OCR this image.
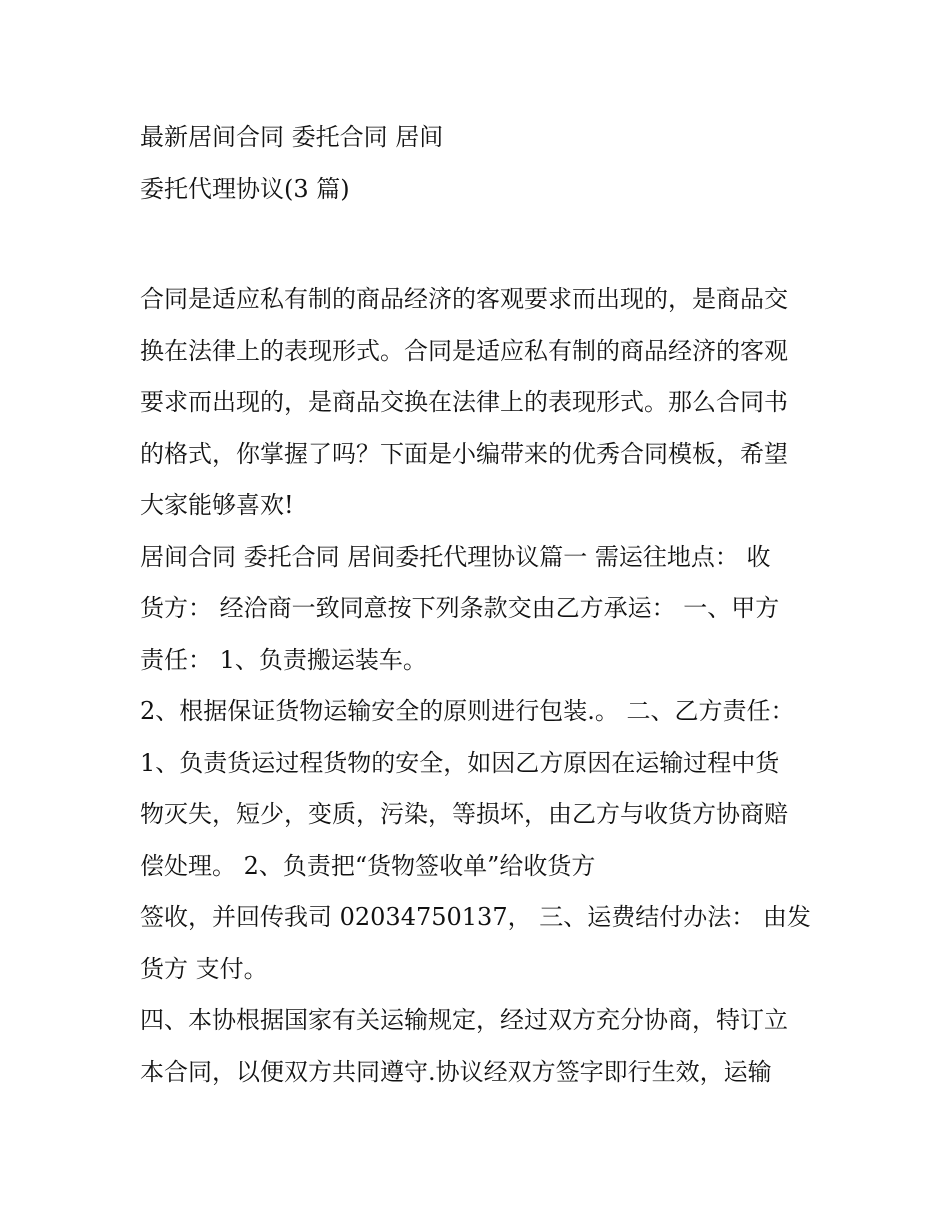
最新居间合同 委托合同 居间
委托代理协议(3 篇)
合同是适应私有制的商品经济的客观要求而出现的，是商品交
换在法律上的表现形式。合同是适应私有制的商品经济的客观
要求而出现的，是商品交换在法律上的表现形式。那么合同书
的格式，你掌握了吗？下面是小编带来的优秀合同模板，希望
大家能够喜欢!
居间合同 委托合同 居间委托代理协议篇一 需运往地点： 收
货方： 经洽商一致同意按下列条款交由乙方承运： 一、甲方
责任： 1、负责搬运装车。
2、根据保证货物运输安全的原则进行包装.。 二、乙方责任：
1、负责货运过程货物的安全，如因乙方原因在运输过程中货
物灭失，短少，变质，污染，等损坏，由乙方与收货方协商赔
偿处理。 2、负责把“货物签收单”给收货方
签收，并回传我司 02034750137， 三、运费结付办法： 由发
货方 支付。
四、本协根据国家有关运输规定，经过双方充分协商，特订立
本合同，以便双方共同遵守.协议经双方签字即行生效，运输
